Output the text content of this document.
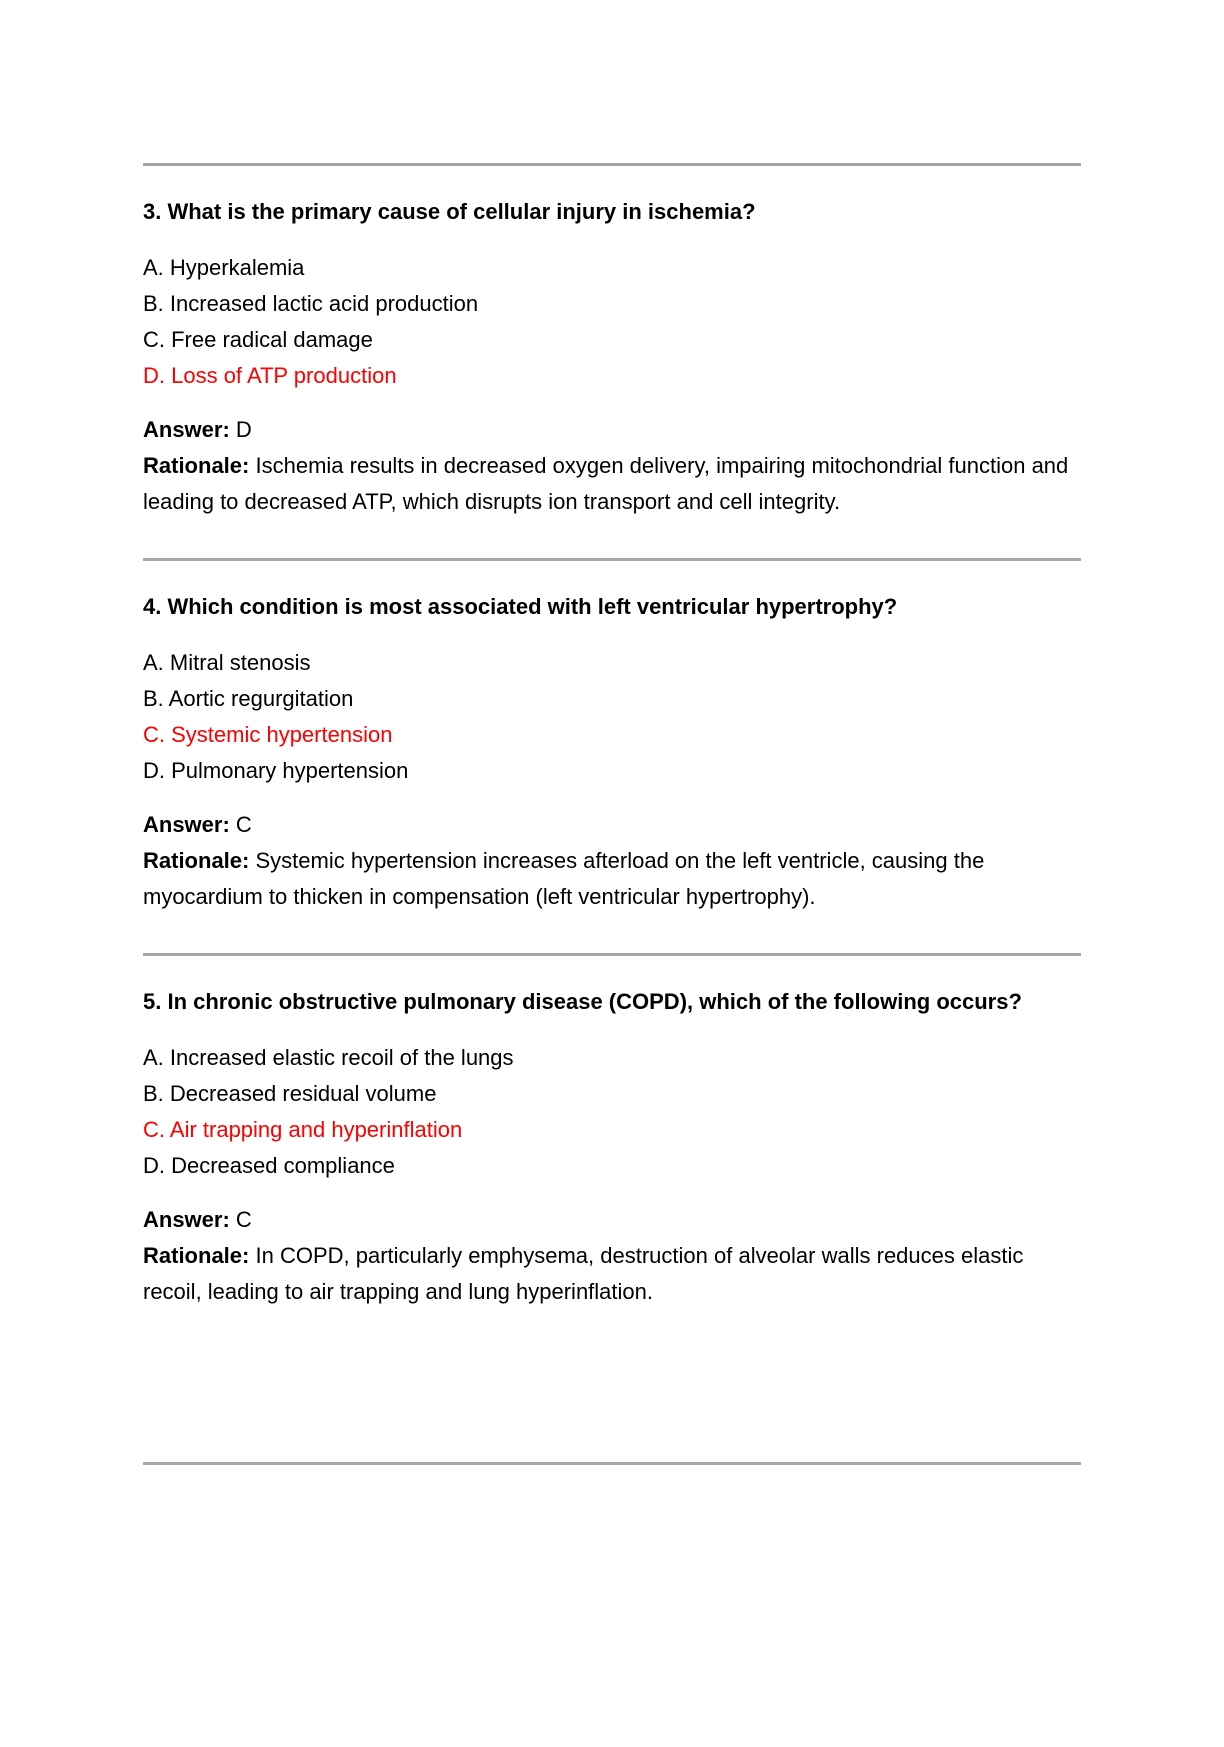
3. What is the primary cause of cellular injury in ischemia?

A. Hyperkalemia

B. Increased lactic acid production

C. Free radical damage

D. Loss of ATP production

Answer: D

Rationale: Ischemia results in decreased oxygen delivery, impairing mitochondrial function and leading to decreased ATP, which disrupts ion transport and cell integrity.

4. Which condition is most associated with left ventricular hypertrophy?

A. Mitral stenosis

B. Aortic regurgitation

C. Systemic hypertension

D. Pulmonary hypertension

Answer: C

Rationale: Systemic hypertension increases afterload on the left ventricle, causing the myocardium to thicken in compensation (left ventricular hypertrophy).

5. In chronic obstructive pulmonary disease (COPD), which of the following occurs?

A. Increased elastic recoil of the lungs

B. Decreased residual volume

C. Air trapping and hyperinflation

D. Decreased compliance

Answer: C

Rationale: In COPD, particularly emphysema, destruction of alveolar walls reduces elastic recoil, leading to air trapping and lung hyperinflation.
